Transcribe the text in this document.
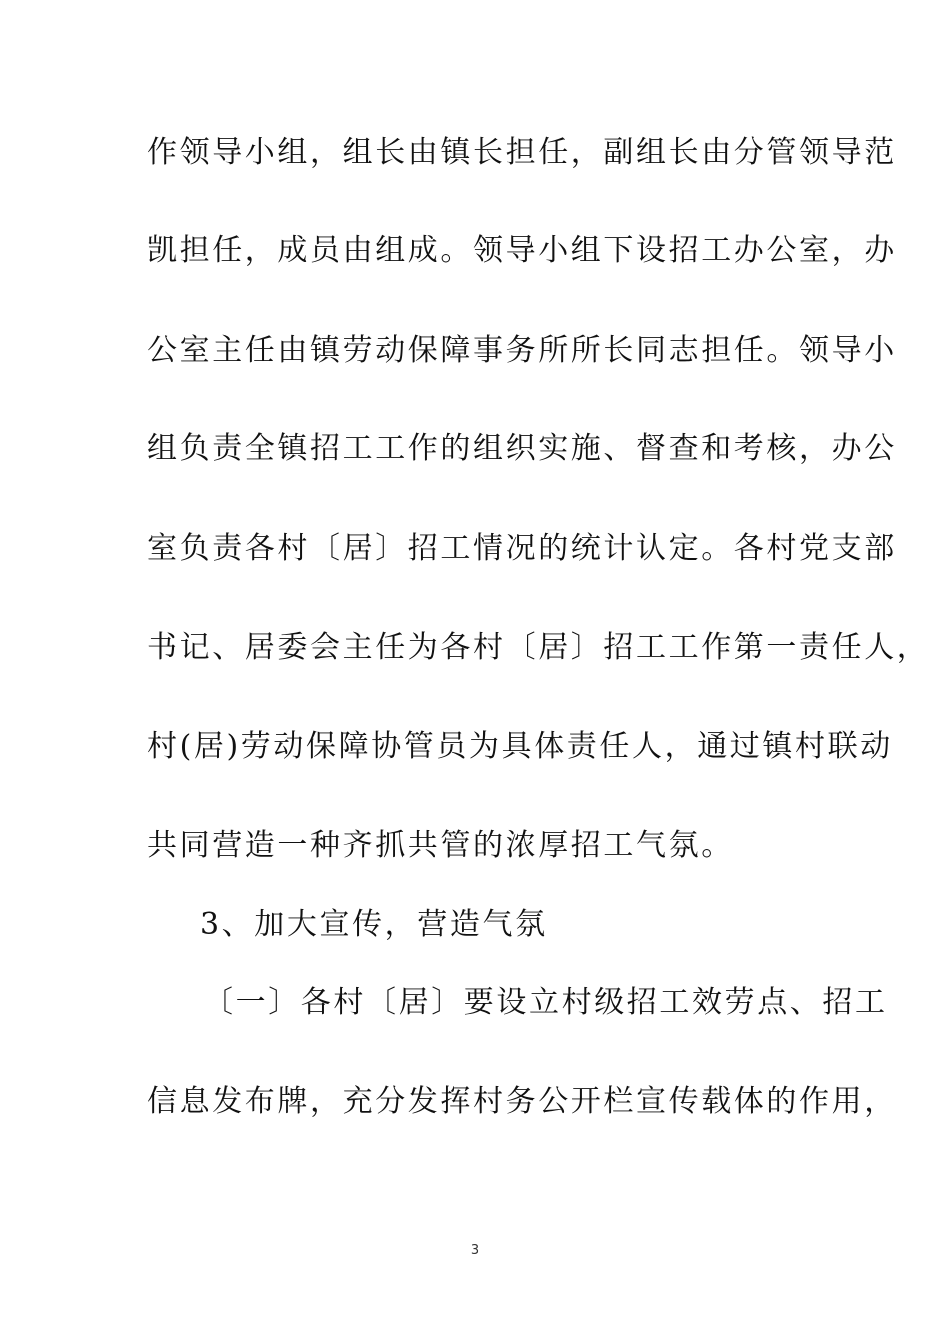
作领导小组，组长由镇长担任，副组长由分管领导范
凯担任，成员由组成。领导小组下设招工办公室，办
公室主任由镇劳动保障事务所所长同志担任。领导小
组负责全镇招工工作的组织实施、督查和考核，办公
室负责各村〔居〕招工情况的统计认定。各村党支部
书记、居委会主任为各村〔居〕招工工作第一责任人，
村(居)劳动保障协管员为具体责任人，通过镇村联动
共同营造一种齐抓共管的浓厚招工气氛。
3、加大宣传，营造气氛
〔一〕各村〔居〕要设立村级招工效劳点、招工
信息发布牌，充分发挥村务公开栏宣传载体的作用，
3
